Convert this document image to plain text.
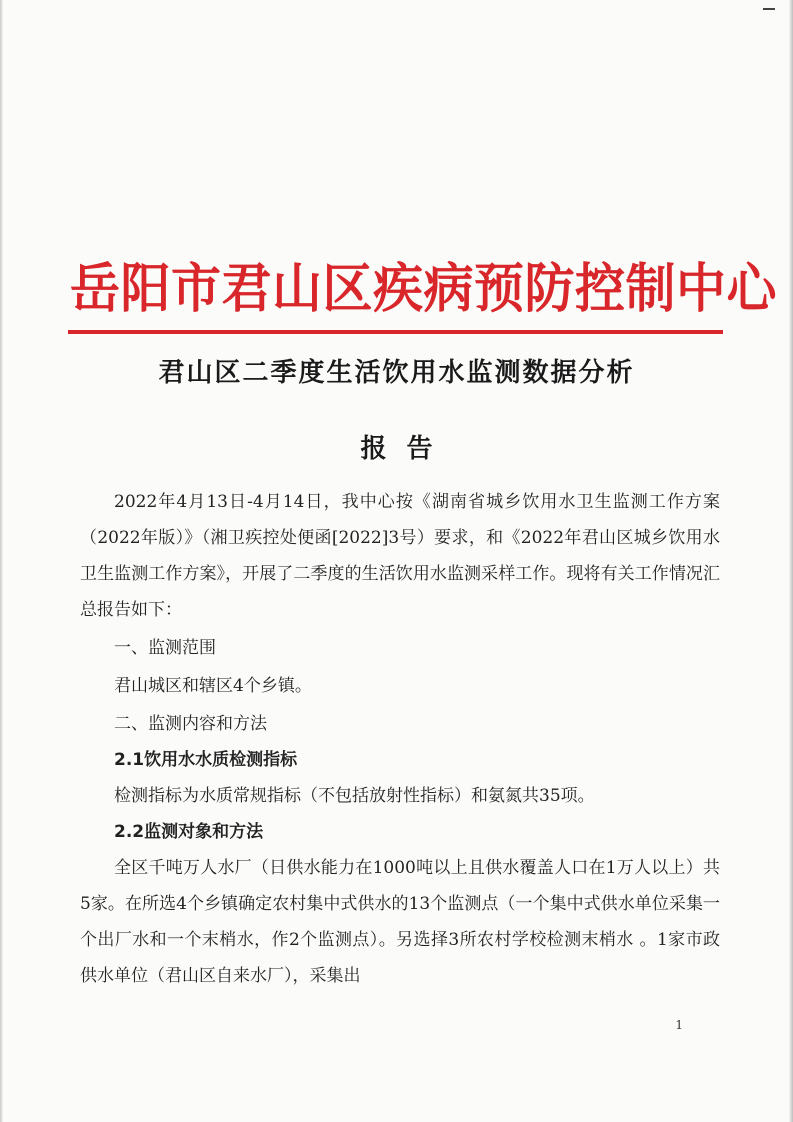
岳阳市君山区疾病预防控制中心
君山区二季度生活饮用水监测数据分析
报告

2022年4月13日-4月14日，我中心按《湖南省城乡饮用水卫生监测工作方案（2022年版）》（湘卫疾控处便函[2022]3号）要求，和《2022年君山区城乡饮用水卫生监测工作方案》，开展了二季度的生活饮用水监测采样工作。现将有关工作情况汇总报告如下：

一、监测范围

君山城区和辖区4个乡镇。

二、监测内容和方法

2.1饮用水水质检测指标

检测指标为水质常规指标（不包括放射性指标）和氨氮共35项。

2.2监测对象和方法

全区千吨万人水厂（日供水能力在1000吨以上且供水覆盖人口在1万人以上）共5家。在所选4个乡镇确定农村集中式供水的13个监测点（一个集中式供水单位采集一个出厂水和一个末梢水，作2个监测点）。另选择3所农村学校检测末梢水 。1家市政供水单位（君山区自来水厂），采集出

1
